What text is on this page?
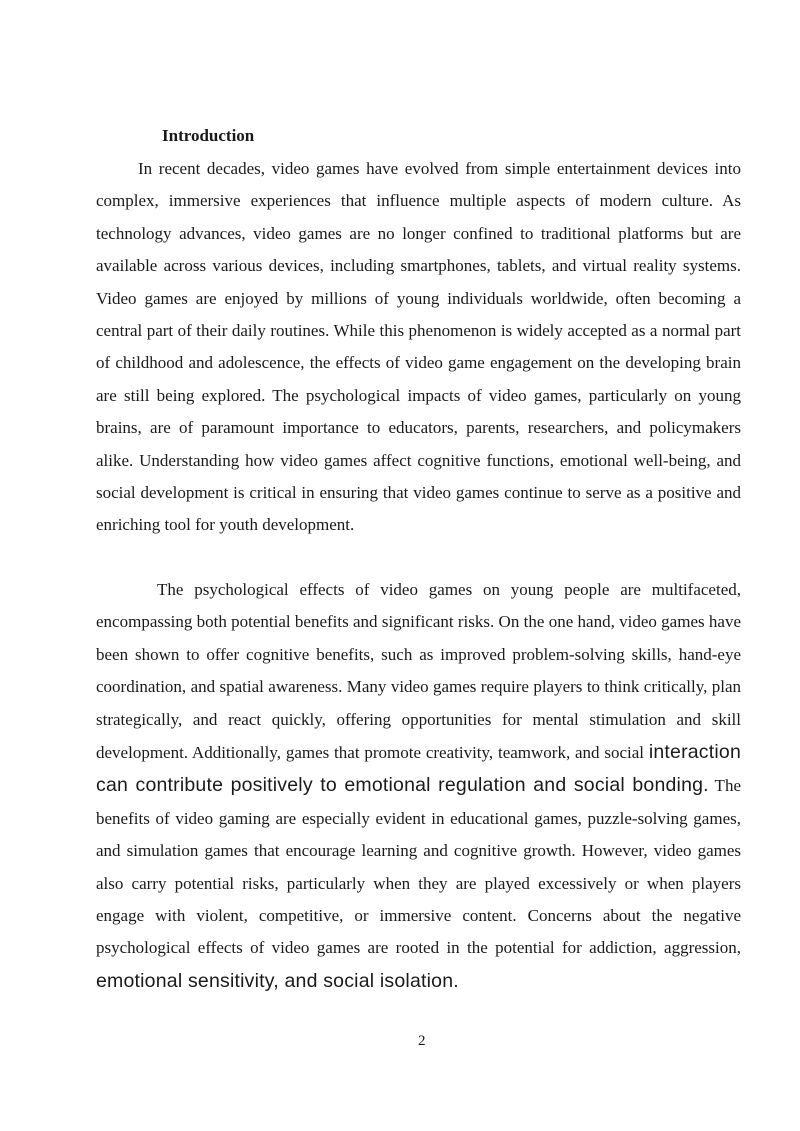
Introduction

In recent decades, video games have evolved from simple entertainment devices into complex, immersive experiences that influence multiple aspects of modern culture. As technology advances, video games are no longer confined to traditional platforms but are available across various devices, including smartphones, tablets, and virtual reality systems. Video games are enjoyed by millions of young individuals worldwide, often becoming a central part of their daily routines. While this phenomenon is widely accepted as a normal part of childhood and adolescence, the effects of video game engagement on the developing brain are still being explored. The psychological impacts of video games, particularly on young brains, are of paramount importance to educators, parents, researchers, and policymakers alike. Understanding how video games affect cognitive functions, emotional well-being, and social development is critical in ensuring that video games continue to serve as a positive and enriching tool for youth development.

The psychological effects of video games on young people are multifaceted, encompassing both potential benefits and significant risks. On the one hand, video games have been shown to offer cognitive benefits, such as improved problem-solving skills, hand-eye coordination, and spatial awareness. Many video games require players to think critically, plan strategically, and react quickly, offering opportunities for mental stimulation and skill development. Additionally, games that promote creativity, teamwork, and social interaction can contribute positively to emotional regulation and social bonding. The benefits of video gaming are especially evident in educational games, puzzle-solving games, and simulation games that encourage learning and cognitive growth. However, video games also carry potential risks, particularly when they are played excessively or when players engage with violent, competitive, or immersive content. Concerns about the negative psychological effects of video games are rooted in the potential for addiction, aggression, emotional sensitivity, and social isolation.

2
